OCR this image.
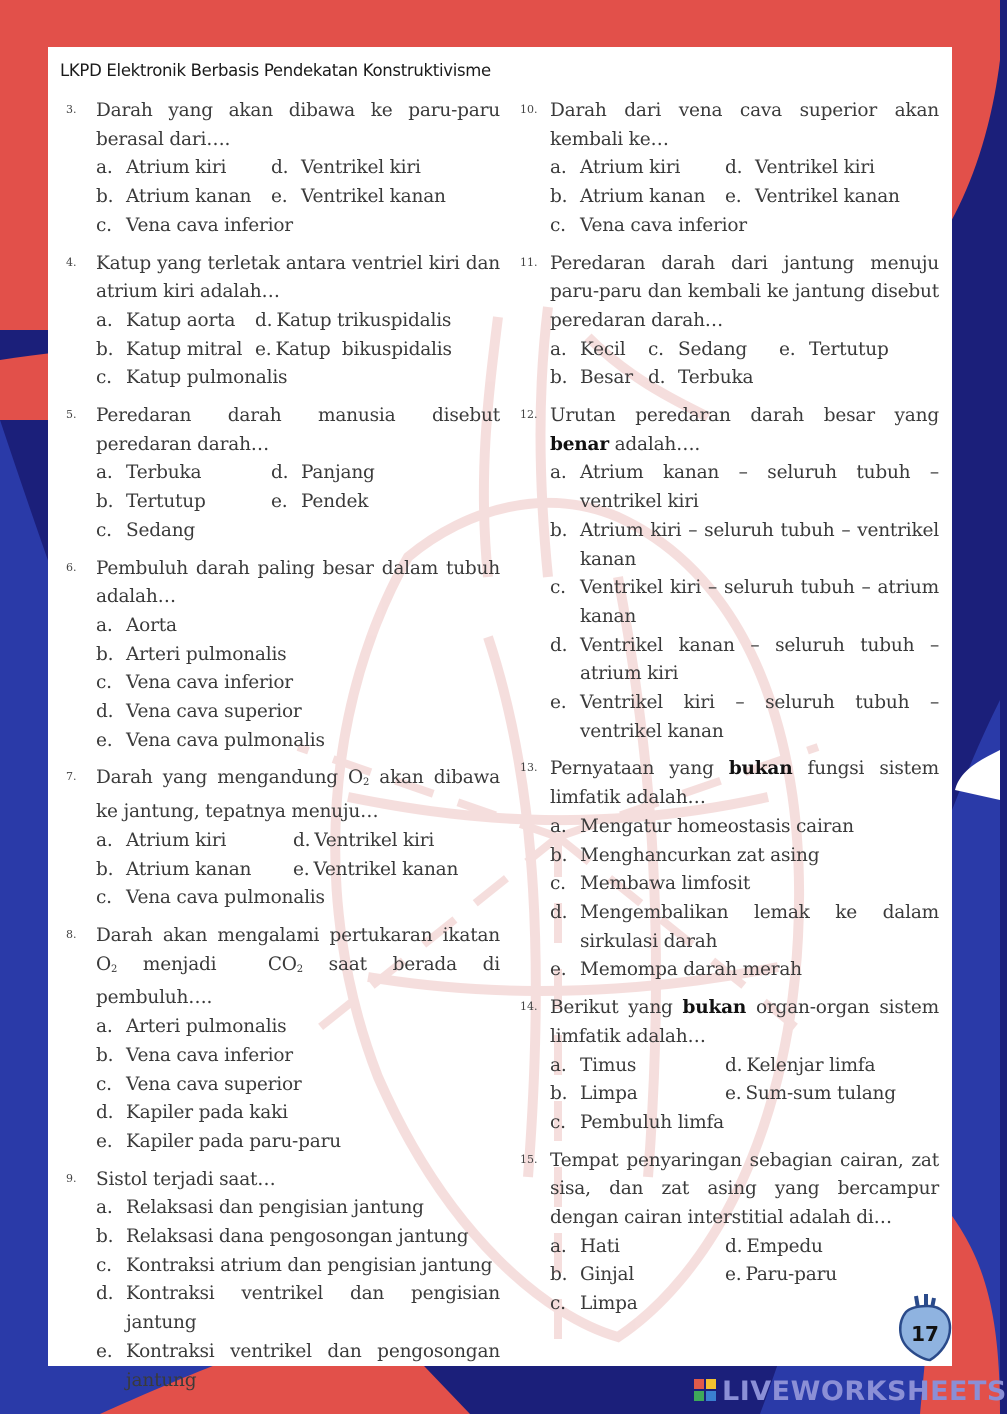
LKPD Elektronik Berbasis Pendekatan Konstruktivisme
3. Darah yang akan dibawa ke paru-paru berasal dari….
a. Atrium kiri d. Ventrikel kiri
b. Atrium kanan e. Ventrikel kanan
c. Vena cava inferior
4. Katup yang terletak antara ventriel kiri dan atrium kiri adalah…
a. Katup aorta d. Katup trikuspidalis
b. Katup mitral e. Katup  bikuspidalis
c. Katup pulmonalis
5. Peredaran darah manusia disebut peredaran darah…
a. Terbuka	d. Panjang
b. Tertutup	e. Pendek
c. Sedang
6. Pembuluh darah paling besar dalam tubuh adalah…
a. Aorta
b. Arteri pulmonalis
c. Vena cava inferior
d. Vena cava superior
e. Vena cava pulmonalis
7. Darah yang mengandung $O_2$ akan dibawa ke jantung, tepatnya menuju…
a. Atrium kiri	d. Ventrikel kiri
b. Atrium kanan e. Ventrikel kanan
c. Vena cava pulmonalis
8. Darah akan mengalami pertukaran ikatan $O_2$ menjadi  $CO_2$ saat berada di pembuluh….
a. Arteri pulmonalis
b. Vena cava inferior
c. Vena cava superior
d. Kapiler pada kaki
e. Kapiler pada paru-paru
9. Sistol terjadi saat…
a. Relaksasi dan pengisian jantung
b. Relaksasi dana pengosongan jantung
c. Kontraksi atrium dan pengisian jantung
d. Kontraksi ventrikel dan pengisian jantung
e. Kontraksi ventrikel dan pengosongan jantung
10. Darah dari vena cava superior akan kembali ke…
a. Atrium kiri d. Ventrikel kiri
b. Atrium kanan e. Ventrikel kanan
c. Vena cava inferior
11. Peredaran darah dari jantung menuju paru-paru dan kembali ke jantung disebut peredaran darah…
a. Kecil c. Sedang e. Tertutup
b. Besar d. Terbuka
12. Urutan peredaran darah besar yang benar adalah….
a. Atrium kanan – seluruh tubuh – ventrikel kiri
b. Atrium kiri – seluruh tubuh – ventrikel kanan
c. Ventrikel kiri – seluruh tubuh – atrium kanan
d. Ventrikel kanan – seluruh tubuh – atrium kiri
e. Ventrikel kiri – seluruh tubuh – ventrikel kanan
13. Pernyataan yang bukan fungsi sistem limfatik adalah…
a. Mengatur homeostasis cairan
b. Menghancurkan zat asing
c. Membawa limfosit
d. Mengembalikan lemak ke dalam sirkulasi darah
e. Memompa darah merah
14. Berikut yang bukan organ-organ sistem limfatik adalah…
a. Timus	d. Kelenjar limfa
b. Limpa	e. Sum-sum tulang
c. Pembuluh limfa
15. Tempat penyaringan sebagian cairan, zat sisa, dan zat asing yang bercampur dengan cairan interstitial adalah di…
a. Hati	d. Empedu
b. Ginjal	e. Paru-paru
c. Limpa
17
LIVEWORKSHEETS
